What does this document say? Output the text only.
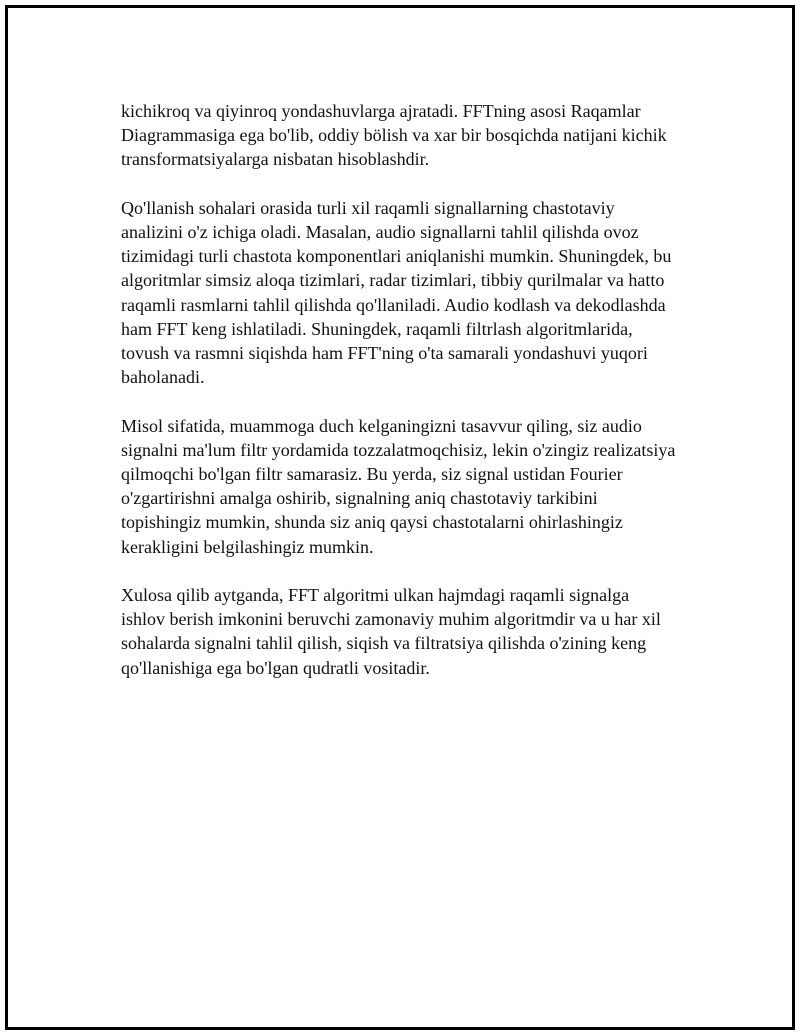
kichikroq va qiyinroq yondashuvlarga ajratadi. FFTning asosi Raqamlar
Diagrammasiga ega bo'lib, oddiy bölish va xar bir bosqichda natijani kichik
transformatsiyalarga nisbatan hisoblashdir.

Qo'llanish sohalari orasida turli xil raqamli signallarning chastotaviy
analizini o'z ichiga oladi. Masalan, audio signallarni tahlil qilishda ovoz
tizimidagi turli chastota komponentlari aniqlanishi mumkin. Shuningdek, bu
algoritmlar simsiz aloqa tizimlari, radar tizimlari, tibbiy qurilmalar va hatto
raqamli rasmlarni tahlil qilishda qo'llaniladi. Audio kodlash va dekodlashda
ham FFT keng ishlatiladi. Shuningdek, raqamli filtrlash algoritmlarida,
tovush va rasmni siqishda ham FFT'ning o'ta samarali yondashuvi yuqori
baholanadi.

Misol sifatida, muammoga duch kelganingizni tasavvur qiling, siz audio
signalni ma'lum filtr yordamida tozzalatmoqchisiz, lekin o'zingiz realizatsiya
qilmoqchi bo'lgan filtr samarasiz. Bu yerda, siz signal ustidan Fourier
o'zgartirishni amalga oshirib, signalning aniq chastotaviy tarkibini
topishingiz mumkin, shunda siz aniq qaysi chastotalarni ohirlashingiz
kerakligini belgilashingiz mumkin.

Xulosa qilib aytganda, FFT algoritmi ulkan hajmdagi raqamli signalga
ishlov berish imkonini beruvchi zamonaviy muhim algoritmdir va u har xil
sohalarda signalni tahlil qilish, siqish va filtratsiya qilishda o'zining keng
qo'llanishiga ega bo'lgan qudratli vositadir.
